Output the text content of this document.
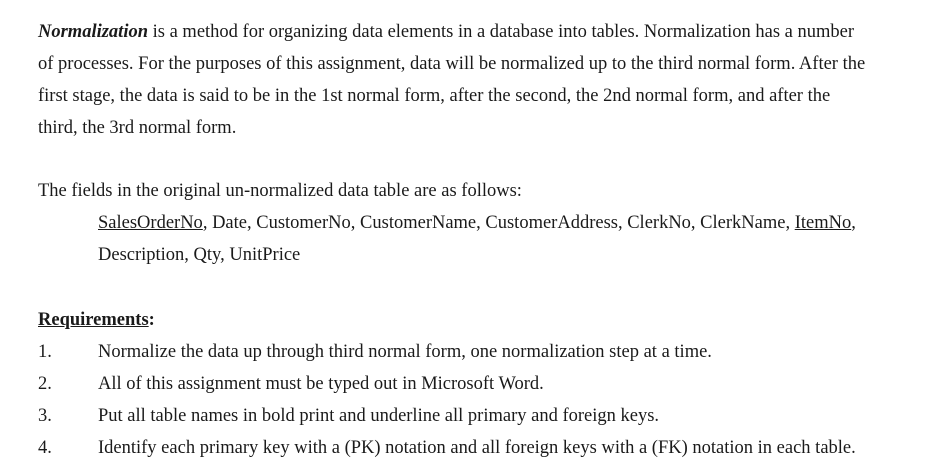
Normalization is a method for organizing data elements in a database into tables. Normalization has a number
of processes. For the purposes of this assignment, data will be normalized up to the third normal form. After the
first stage, the data is said to be in the 1st normal form, after the second, the 2nd normal form, and after the
third, the 3rd normal form.
The fields in the original un-normalized data table are as follows:
SalesOrderNo, Date, CustomerNo, CustomerName, CustomerAddress, ClerkNo, ClerkName, ItemNo,
Description, Qty, UnitPrice
Requirements:
1. Normalize the data up through third normal form, one normalization step at a time.
2. All of this assignment must be typed out in Microsoft Word.
3. Put all table names in bold print and underline all primary and foreign keys.
4. Identify each primary key with a (PK) notation and all foreign keys with a (FK) notation in each table.
